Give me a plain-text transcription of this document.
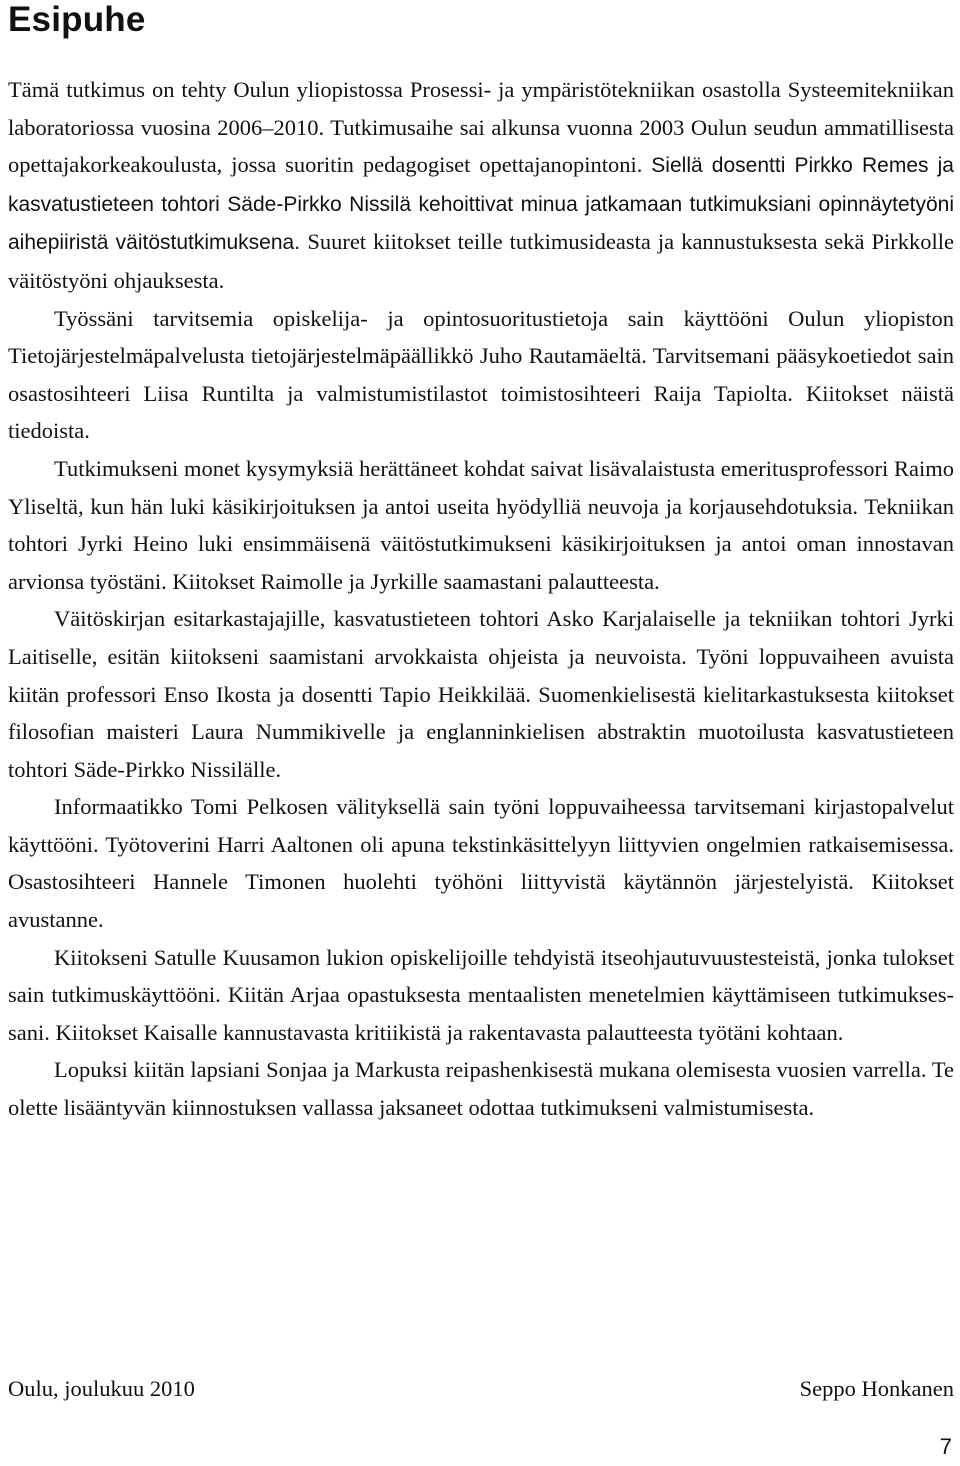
Esipuhe

Tämä tutkimus on tehty Oulun yliopistossa Prosessi- ja ympäristötekniikan osastolla Systeemitekniikan laboratoriossa vuosina 2006–2010. Tutkimusaihe sai alkunsa vuonna 2003 Oulun seudun ammatillisesta opettajakorkeakoulusta, jossa suoritin pedagogiset opettajanopintoni. Siellä dosentti Pirkko Remes ja kasvatustieteen tohtori Säde-Pirkko Nissilä kehoittivat minua jatkamaan tutkimuksiani opinnäytetyöni aihepiiristä väitöstutkimuksena. Suuret kiitokset teille tutkimusideasta ja kannustuksesta sekä Pirkkolle väitöstyöni ohjauksesta.

Työssäni tarvitsemia opiskelija- ja opintosuoritustietoja sain käyttööni Oulun yliopiston Tietojärjestelmäpalvelusta tietojärjestelmäpäällikkö Juho Rautamäeltä. Tarvitsemani pääsykoetiedot sain osastosihteeri Liisa Runtilta ja valmistumistilastot toimistosihteeri Raija Tapiolta. Kiitokset näistä tiedoista.

Tutkimukseni monet kysymyksiä herättäneet kohdat saivat lisävalaistusta emeritusprofessori Raimo Yliseltä, kun hän luki käsikirjoituksen ja antoi useita hyödylliä neuvoja ja korjausehdotuksia. Tekniikan tohtori Jyrki Heino luki ensimmäisenä väitöstutkimukseni käsikirjoituksen ja antoi oman innostavan arvionsa työstäni. Kiitokset Raimolle ja Jyrkille saamastani palautteesta.

Väitöskirjan esitarkastajajille, kasvatustieteen tohtori Asko Karjalaiselle ja tekniikan tohtori Jyrki Laitiselle, esitän kiitokseni saamistani arvokkaista ohjeista ja neuvoista. Työni loppuvaiheen avuista kiitän professori Enso Ikosta ja dosentti Tapio Heikkilää. Suomenkielisestä kielitarkastuksesta kiitokset filosofian maisteri Laura Nummikivelle ja englanninkielisen abstraktin muotoilusta kasvatustieteen tohtori Säde-Pirkko Nissilälle.

Informaatikko Tomi Pelkosen välityksellä sain työni loppuvaiheessa tarvitsemani kirjastopalvelut käyttööni. Työtoverini Harri Aaltonen oli apuna tekstinkäsittelyyn liittyvien ongelmien ratkaisemisessa. Osastosihteeri Hannele Timonen huolehti työhöni liittyvistä käytännön järjestelyistä. Kiitokset avustanne.

Kiitokseni Satulle Kuusamon lukion opiskelijoille tehdyistä itseohjautuvuustesteistä, jonka tulokset sain tutkimuskäyttööni. Kiitän Arjaa opastuksesta mentaalisten menetelmien käyttämiseen tutkimuksessani. Kiitokset Kaisalle kannustavasta kritiikistä ja rakentavasta palautteesta työtäni kohtaan.

Lopuksi kiitän lapsiani Sonjaa ja Markusta reipashenkisestä mukana olemisesta vuosien varrella. Te olette lisääntyvän kiinnostuksen vallassa jaksaneet odottaa tutkimukseni valmistumisesta.

Oulu, joulukuu 2010	Seppo Honkanen
7
